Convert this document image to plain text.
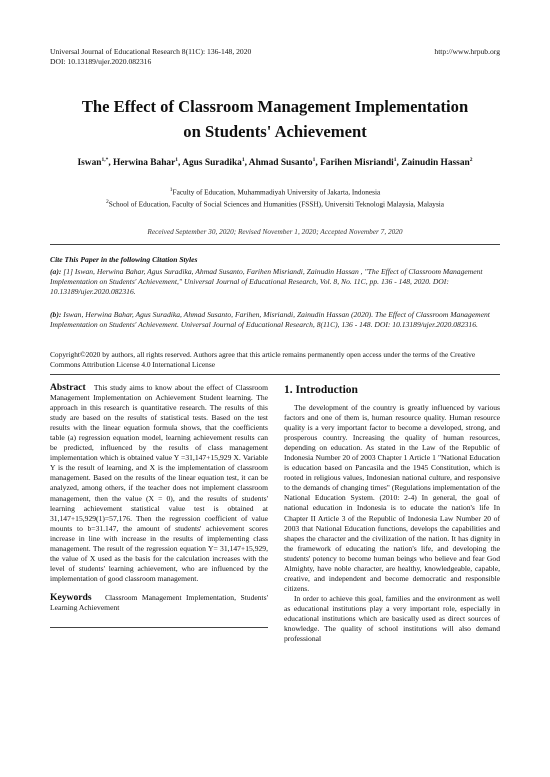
Universal Journal of Educational Research 8(11C): 136-148, 2020
DOI: 10.13189/ujer.2020.082316
http://www.hrpub.org
The Effect of Classroom Management Implementation
on Students' Achievement
Iswan$^{1,*}$, Herwina Bahar$^1$, Agus Suradika$^1$, Ahmad Susanto$^1$, Farihen Misriandi$^1$, Zainudin Hassan$^2$
$^1$Faculty of Education, Muhammadiyah University of Jakarta, Indonesia
$^2$School of Education, Faculty of Social Sciences and Humanities (FSSH), Universiti Teknologi Malaysia, Malaysia
Received September 30, 2020; Revised November 1, 2020; Accepted November 7, 2020
Cite This Paper in the following Citation Styles
(a): [1] Iswan, Herwina Bahar, Agus Suradika, Ahmad Susanto, Farihen Misriandi, Zainudin Hassan , "The Effect of Classroom Management Implementation on Students' Achievement," Universal Journal of Educational Research, Vol. 8, No. 11C, pp. 136 - 148, 2020. DOI: 10.13189/ujer.2020.082316.
(b): Iswan, Herwina Bahar, Agus Suradika, Ahmad Susanto, Farihen, Misriandi, Zainudin Hassan (2020). The Effect of Classroom Management Implementation on Students' Achievement. Universal Journal of Educational Research, 8(11C), 136 - 148. DOI: 10.13189/ujer.2020.082316.
Copyright©2020 by authors, all rights reserved. Authors agree that this article remains permanently open access under the terms of the Creative Commons Attribution License 4.0 International License

Abstract This study aims to know about the effect of Classroom Management Implementation on Achievement Student learning. The approach in this research is quantitative research. The results of this study are based on the results of statistical tests. Based on the test results with the linear equation formula shows, that the coefficients table (a) regression equation model, learning achievement results can be predicted, influenced by the results of class management implementation which is obtained value Y =31,147+15,929 X. Variable Y is the result of learning, and X is the implementation of classroom management. Based on the results of the linear equation test, it can be analyzed, among others, if the teacher does not implement classroom management, then the value (X = 0), and the results of students' learning achievement statistical value test is obtained at 31,147+15,929(1)=57,176. Then the regression coefficient of value mounts to b=31.147, the amount of students' achievement scores increase in line with increase in the results of implementing class management. The result of the regression equation Y= 31,147+15,929, the value of X used as the basis for the calculation increases with the level of students' learning achievement, who are influenced by the implementation of good classroom management.

Keywords Classroom Management Implementation, Students' Learning Achievement

1. Introduction

The development of the country is greatly influenced by various factors and one of them is, human resource quality. Human resource quality is a very important factor to become a developed, strong, and prosperous country. Increasing the quality of human resources, depending on education. As stated in the Law of the Republic of Indonesia Number 20 of 2003 Chapter 1 Article 1 "National Education is education based on Pancasila and the 1945 Constitution, which is rooted in religious values, Indonesian national culture, and responsive to the demands of changing times" (Regulations implementation of the National Education System. (2010: 2-4) In general, the goal of national education in Indonesia is to educate the nation's life In Chapter II Article 3 of the Republic of Indonesia Law Number 20 of 2003 that National Education functions, develops the capabilities and shapes the character and the civilization of the nation. It has dignity in the framework of educating the nation's life, and developing the students' potency to become human beings who believe and fear God Almighty, have noble character, are healthy, knowledgeable, capable, creative, and independent and become democratic and responsible citizens.

In order to achieve this goal, families and the environment as well as educational institutions play a very important role, especially in educational institutions which are basically used as direct sources of knowledge. The quality of school institutions will also demand professional
